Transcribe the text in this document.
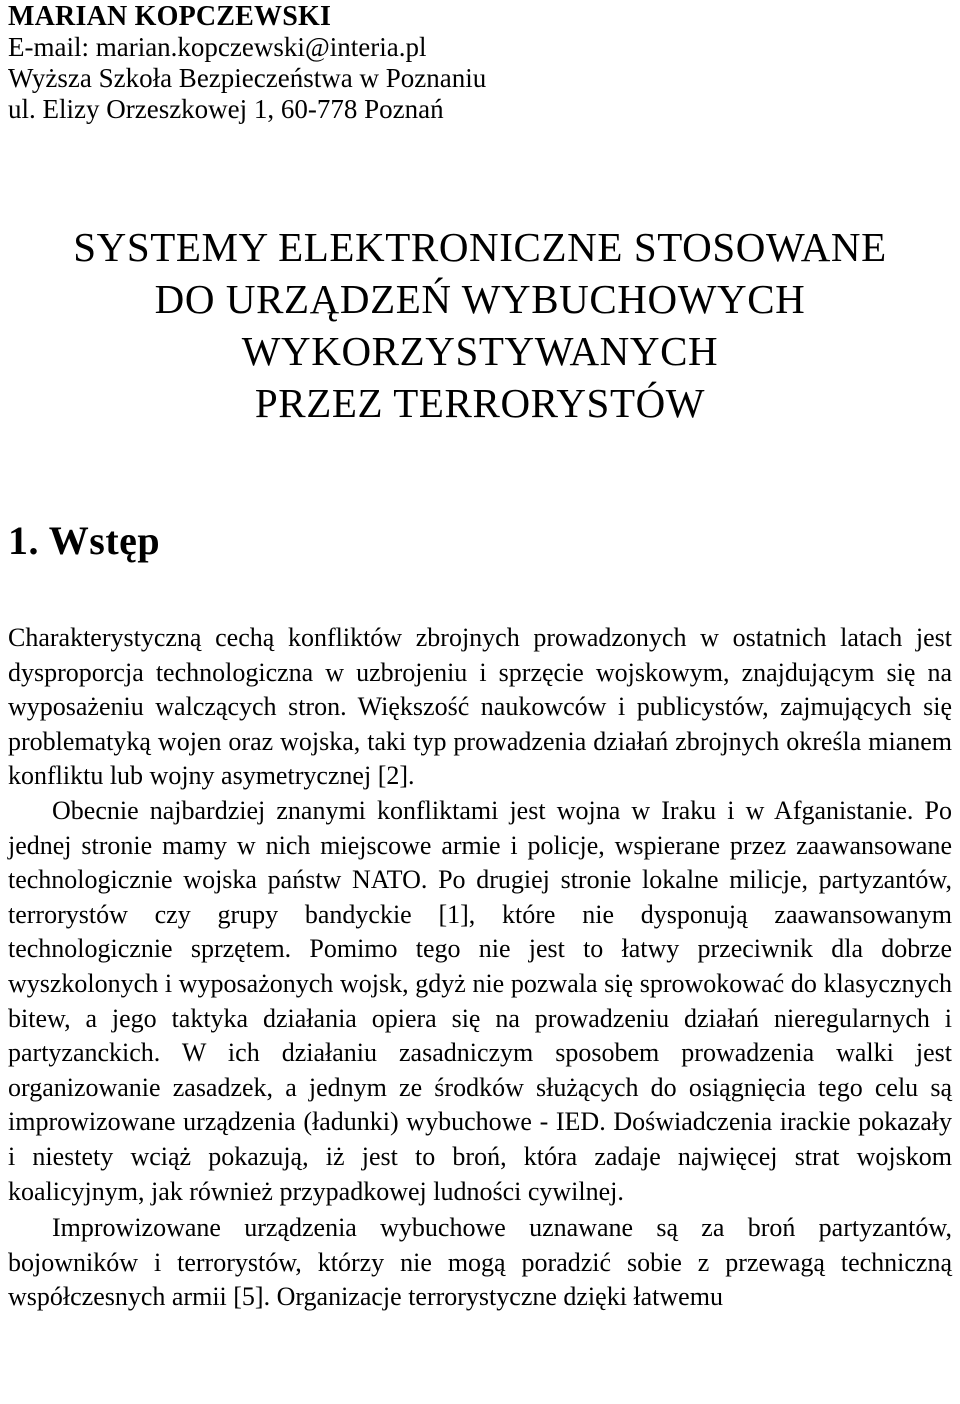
MARIAN KOPCZEWSKI
E-mail: marian.kopczewski@interia.pl
Wyższa Szkoła Bezpieczeństwa w Poznaniu
ul. Elizy Orzeszkowej 1, 60-778 Poznań
SYSTEMY ELEKTRONICZNE STOSOWANE
DO URZĄDZEŃ WYBUCHOWYCH
WYKORZYSTYWANYCH
PRZEZ TERRORYSTÓW
1. Wstęp

Charakterystyczną cechą konfliktów zbrojnych prowadzonych w ostatnich latach jest dysproporcja technologiczna w uzbrojeniu i sprzęcie wojskowym, znajdującym się na wyposażeniu walczących stron. Większość naukowców i publicystów, zajmujących się problematyką wojen oraz wojska, taki typ prowadzenia działań zbrojnych określa mianem konfliktu lub wojny asymetrycznej [2].

Obecnie najbardziej znanymi konfliktami jest wojna w Iraku i w Afganistanie. Po jednej stronie mamy w nich miejscowe armie i policje, wspierane przez zaawansowane technologicznie wojska państw NATO. Po drugiej stronie lokalne milicje, partyzantów, terrorystów czy grupy bandyckie [1], które nie dysponują zaawansowanym technologicznie sprzętem. Pomimo tego nie jest to łatwy przeciwnik dla dobrze wyszkolonych i wyposażonych wojsk, gdyż nie pozwala się sprowokować do klasycznych bitew, a jego taktyka działania opiera się na prowadzeniu działań nieregularnych i partyzanckich. W ich działaniu zasadniczym sposobem prowadzenia walki jest organizowanie zasadzek, a jednym ze środków służących do osiągnięcia tego celu są improwizowane urządzenia (ładunki) wybuchowe - IED. Doświadczenia irackie pokazały i niestety wciąż pokazują, iż jest to broń, która zadaje najwięcej strat wojskom koalicyjnym, jak również przypadkowej ludności cywilnej.

Improwizowane urządzenia wybuchowe uznawane są za broń partyzantów, bojowników i terrorystów, którzy nie mogą poradzić sobie z przewagą techniczną współczesnych armii [5]. Organizacje terrorystyczne dzięki łatwemu
